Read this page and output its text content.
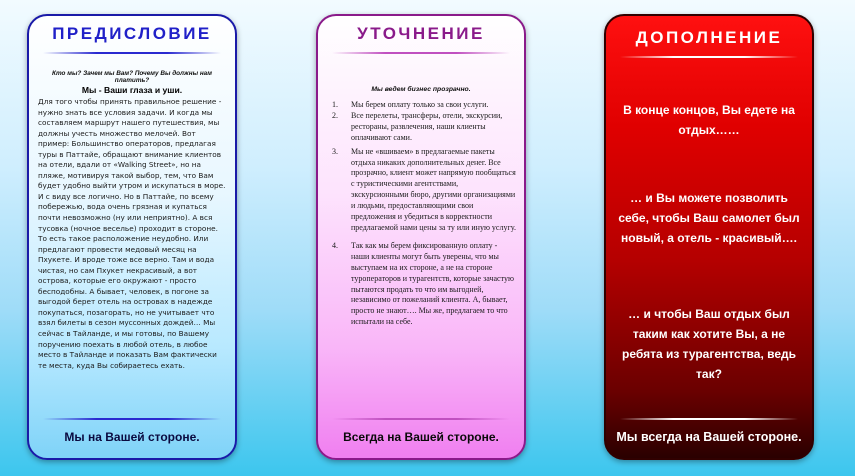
ПРЕДИСЛОВИЕ
Кто мы? Зачем мы Вам? Почему Вы должны нам платить?
Мы - Ваши глаза и уши.
Для того чтобы принять правильное решение - нужно знать все условия задачи. И когда мы составляем маршрут нашего путешествия, мы должны учесть множество мелочей. Вот пример: Большинство операторов, предлагая туры в Паттайе, обращают внимание клиентов на отели, вдали от «Walking Street», но на пляже, мотивируя такой выбор, тем, что Вам будет удобно выйти утром и искупаться в море. И с виду все логично. Но в Паттайе, по всему побережью, вода очень грязная и купаться почти невозможно (ну или неприятно). А вся тусовка (ночное веселье) проходит в стороне. То есть такое расположение неудобно. Или предлагают провести медовый месяц на Пхукете. И вроде тоже все верно. Там и вода чистая, но сам Пхукет некрасивый, а вот острова, которые его окружают - просто бесподобны. А бывает, человек, в погоне за выгодой берет отель на островах в надежде покупаться, позагорать, но не учитывает что взял билеты в сезон муссонных дождей… Мы сейчас в Тайланде, и мы готовы, по Вашему поручению поехать в любой отель, в любое место в Тайланде и показать Вам фактически те места, куда Вы собираетесь ехать.
Мы на Вашей стороне.
УТОЧНЕНИЕ
Мы ведем бизнес прозрачно.
1. Мы берем оплату только за свои услуги.
2. Все перелеты, трансферы, отели, экскурсии, рестораны, развлечения, наши клиенты оплачивают сами.
3. Мы не «вшиваем» в предлагаемые пакеты отдыха никаких дополнительных денег. Все прозрачно, клиент может напрямую пообщаться с туристическими агентствами, экскурсионными бюро, другими организациями и людьми, предоставляющими свои предложения и убедиться в корректности предлагаемой нами цены за ту или иную услугу.
4. Так как мы берем фиксированную оплату - наши клиенты могут быть уверены, что мы выступаем на их стороне, а не на стороне туроператоров и турагентств, которые зачастую пытаются продать то что им выгодней, независимо от пожеланий клиента. А, бывает, просто не знают…. Мы же, предлагаем то что испытали на себе.
Всегда на Вашей стороне.
ДОПОЛНЕНИЕ
В конце концов, Вы едете на отдых……
… и Вы можете позволить себе, чтобы Ваш самолет был новый, а отель - красивый….
… и чтобы Ваш отдых был таким как хотите Вы, а не ребята из турагентства, ведь так?
Мы всегда на Вашей стороне.
